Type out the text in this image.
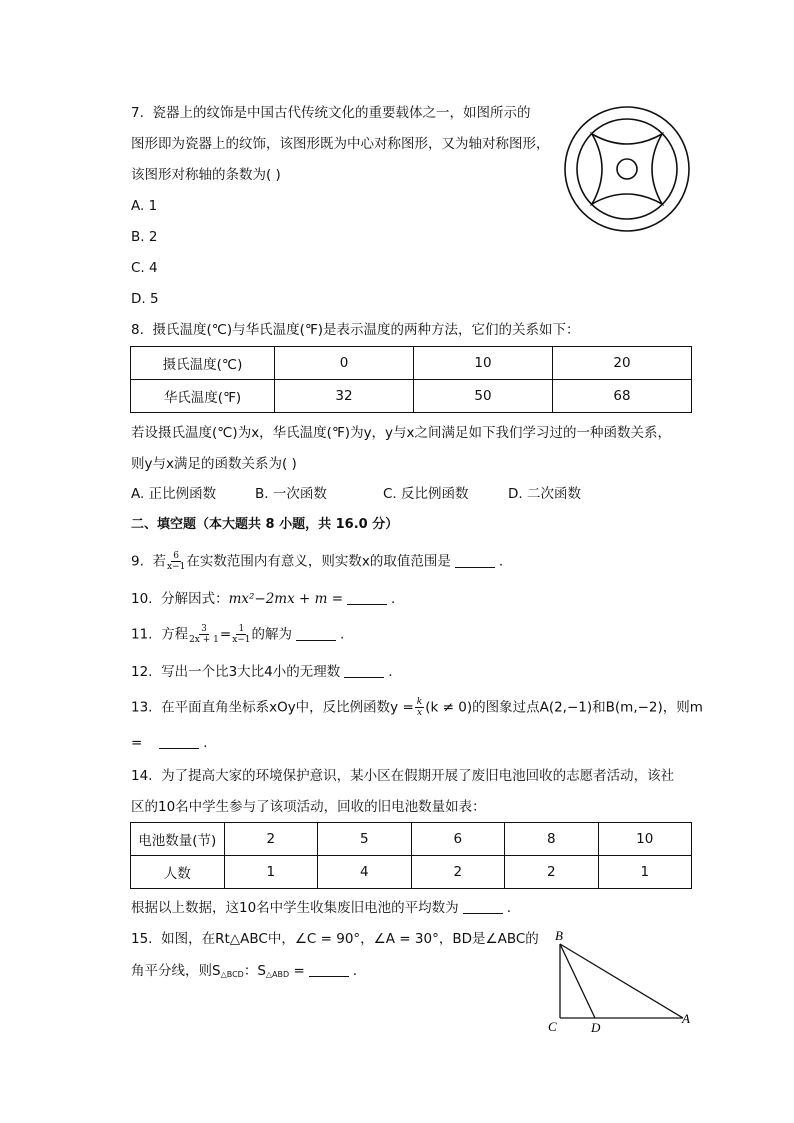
7. 瓷器上的纹饰是中国古代传统文化的重要载体之一，如图所示的
图形即为瓷器上的纹饰，该图形既为中心对称图形，又为轴对称图形，
该图形对称轴的条数为( )
A. 1
B. 2
C. 4
D. 5
8. 摄氏温度(℃)与华氏温度(℉)是表示温度的两种方法，它们的关系如下：
摄氏温度(℃)	0	10	20
华氏温度(℉)	32	50	68
若设摄氏温度(℃)为x，华氏温度(℉)为y，y与x之间满足如下我们学习过的一种函数关系，
则y与x满足的函数关系为( )
A. 正比例函数	B. 一次函数	C. 反比例函数	D. 二次函数
二、填空题（本大题共 8 小题，共 16.0 分）
9. 若 $\frac{6}{x-1}$ 在实数范围内有意义，则实数x的取值范围是	.
10. 分解因式：mx²−2mx + m =	.
11. 方程 $\frac{3}{2x + 1} = \frac{1}{x-1}$ 的解为	.
12. 写出一个比3大比4小的无理数	.
13. 在平面直角坐标系xOy中，反比例函数$y = \frac{k}{x} (k \ne 0)$的图象过点A(2,−1)和B(m,−2)，则m
=	.
14. 为了提高大家的环境保护意识，某小区在假期开展了废旧电池回收的志愿者活动，该社
区的10名中学生参与了该项活动，回收的旧电池数量如表：
电池数量(节)	2	5	6	8	10
人数	1	4	2	2	1
根据以上数据，这10名中学生收集废旧电池的平均数为	.
15. 如图，在Rt△ABC中，∠C = 90°，∠A = 30°，BD是∠ABC的
角平分线，则$S_{\triangle BCD}$：$S_{\triangle ABD}$ =	.
B
C	D
A
